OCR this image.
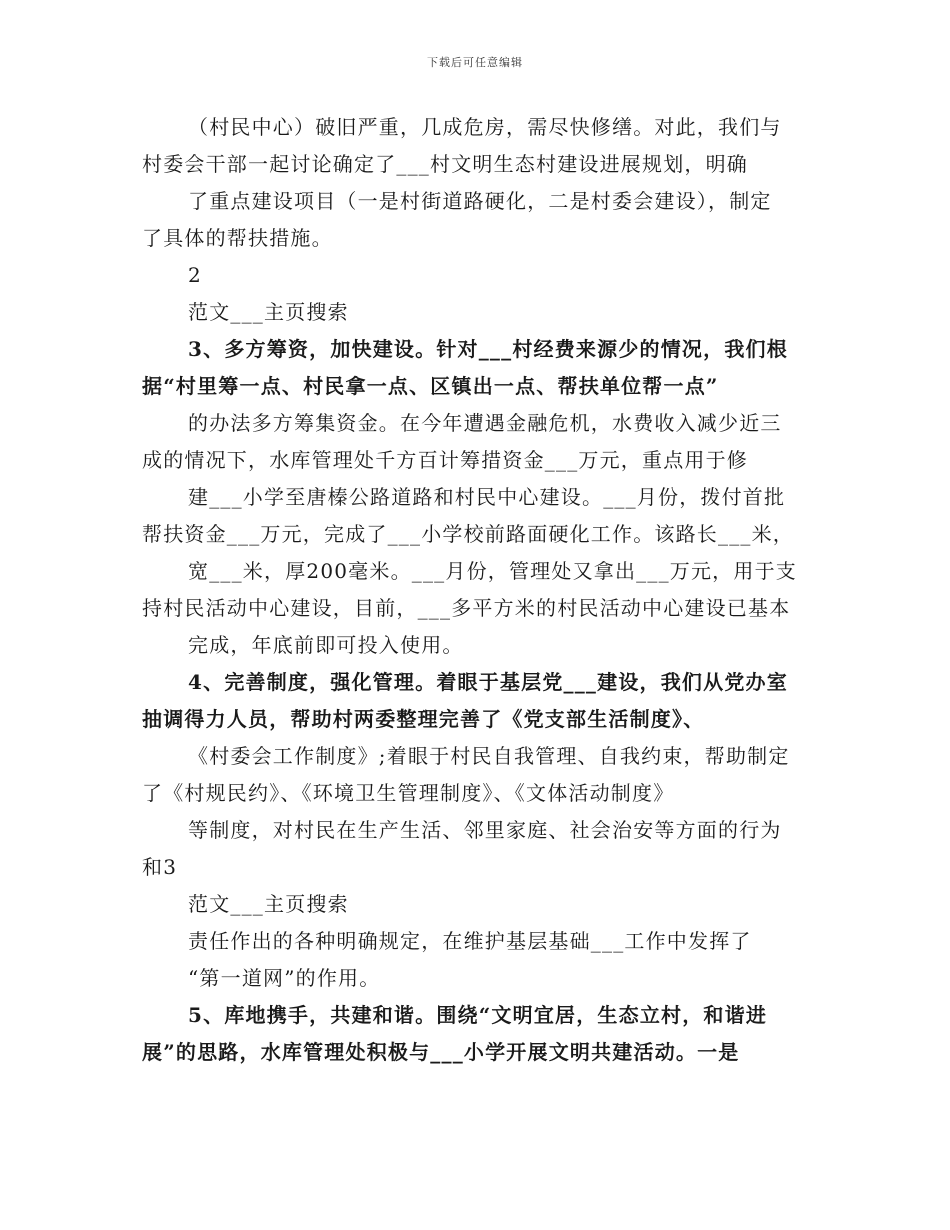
下载后可任意编辑
（村民中心）破旧严重，几成危房，需尽快修缮。对此，我们与
村委会干部一起讨论确定了___村文明生态村建设进展规划，明确
了重点建设项目（一是村街道路硬化，二是村委会建设），制定
了具体的帮扶措施。
2
范文___主页搜索
3、多方筹资，加快建设。针对___村经费来源少的情况，我们根
据“村里筹一点、村民拿一点、区镇出一点、帮扶单位帮一点”
的办法多方筹集资金。在今年遭遇金融危机，水费收入减少近三
成的情况下，水库管理处千方百计筹措资金___万元，重点用于修
建___小学至唐榛公路道路和村民中心建设。___月份，拨付首批
帮扶资金___万元，完成了___小学校前路面硬化工作。该路长___米，
宽___米，厚200毫米。___月份，管理处又拿出___万元，用于支
持村民活动中心建设，目前，___多平方米的村民活动中心建设已基本
完成，年底前即可投入使用。
4、完善制度，强化管理。着眼于基层党___建设，我们从党办室
抽调得力人员，帮助村两委整理完善了《党支部生活制度》、
《村委会工作制度》;着眼于村民自我管理、自我约束，帮助制定
了《村规民约》、《环境卫生管理制度》、《文体活动制度》
等制度，对村民在生产生活、邻里家庭、社会治安等方面的行为
和3
范文___主页搜索
责任作出的各种明确规定，在维护基层基础___工作中发挥了
“第一道网”的作用。
5、库地携手，共建和谐。围绕“文明宜居，生态立村，和谐进
展”的思路，水库管理处积极与___小学开展文明共建活动。一是
